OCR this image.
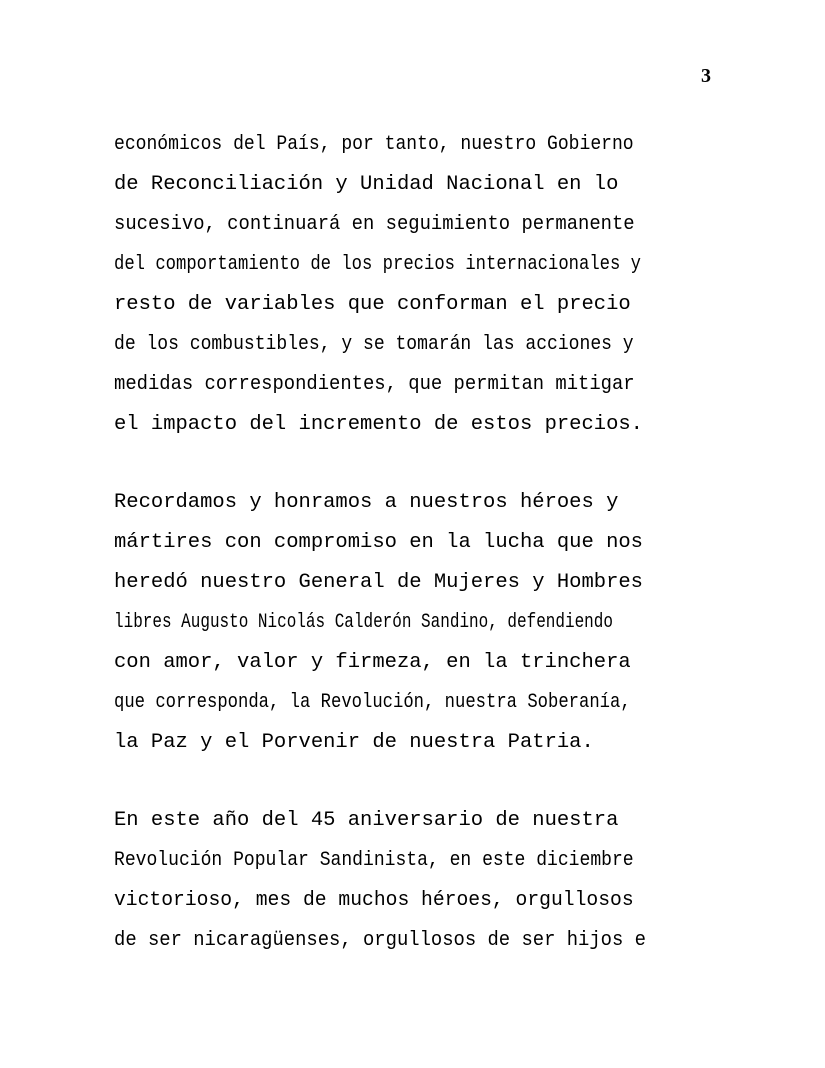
3
económicos del País, por tanto, nuestro Gobierno
de Reconciliación y Unidad Nacional en lo
sucesivo, continuará en seguimiento permanente
del comportamiento de los precios internacionales y
resto de variables que conforman el precio
de los combustibles, y se tomarán las acciones y
medidas correspondientes, que permitan mitigar
el impacto del incremento de estos precios.
Recordamos y honramos a nuestros héroes y
mártires con compromiso en la lucha que nos
heredó nuestro General de Mujeres y Hombres
libres Augusto Nicolás Calderón Sandino, defendiendo
con amor, valor y firmeza, en la trinchera
que corresponda, la Revolución, nuestra Soberanía,
la Paz y el Porvenir de nuestra Patria.
En este año del 45 aniversario de nuestra
Revolución Popular Sandinista, en este diciembre
victorioso, mes de muchos héroes, orgullosos
de ser nicaragüenses, orgullosos de ser hijos e
